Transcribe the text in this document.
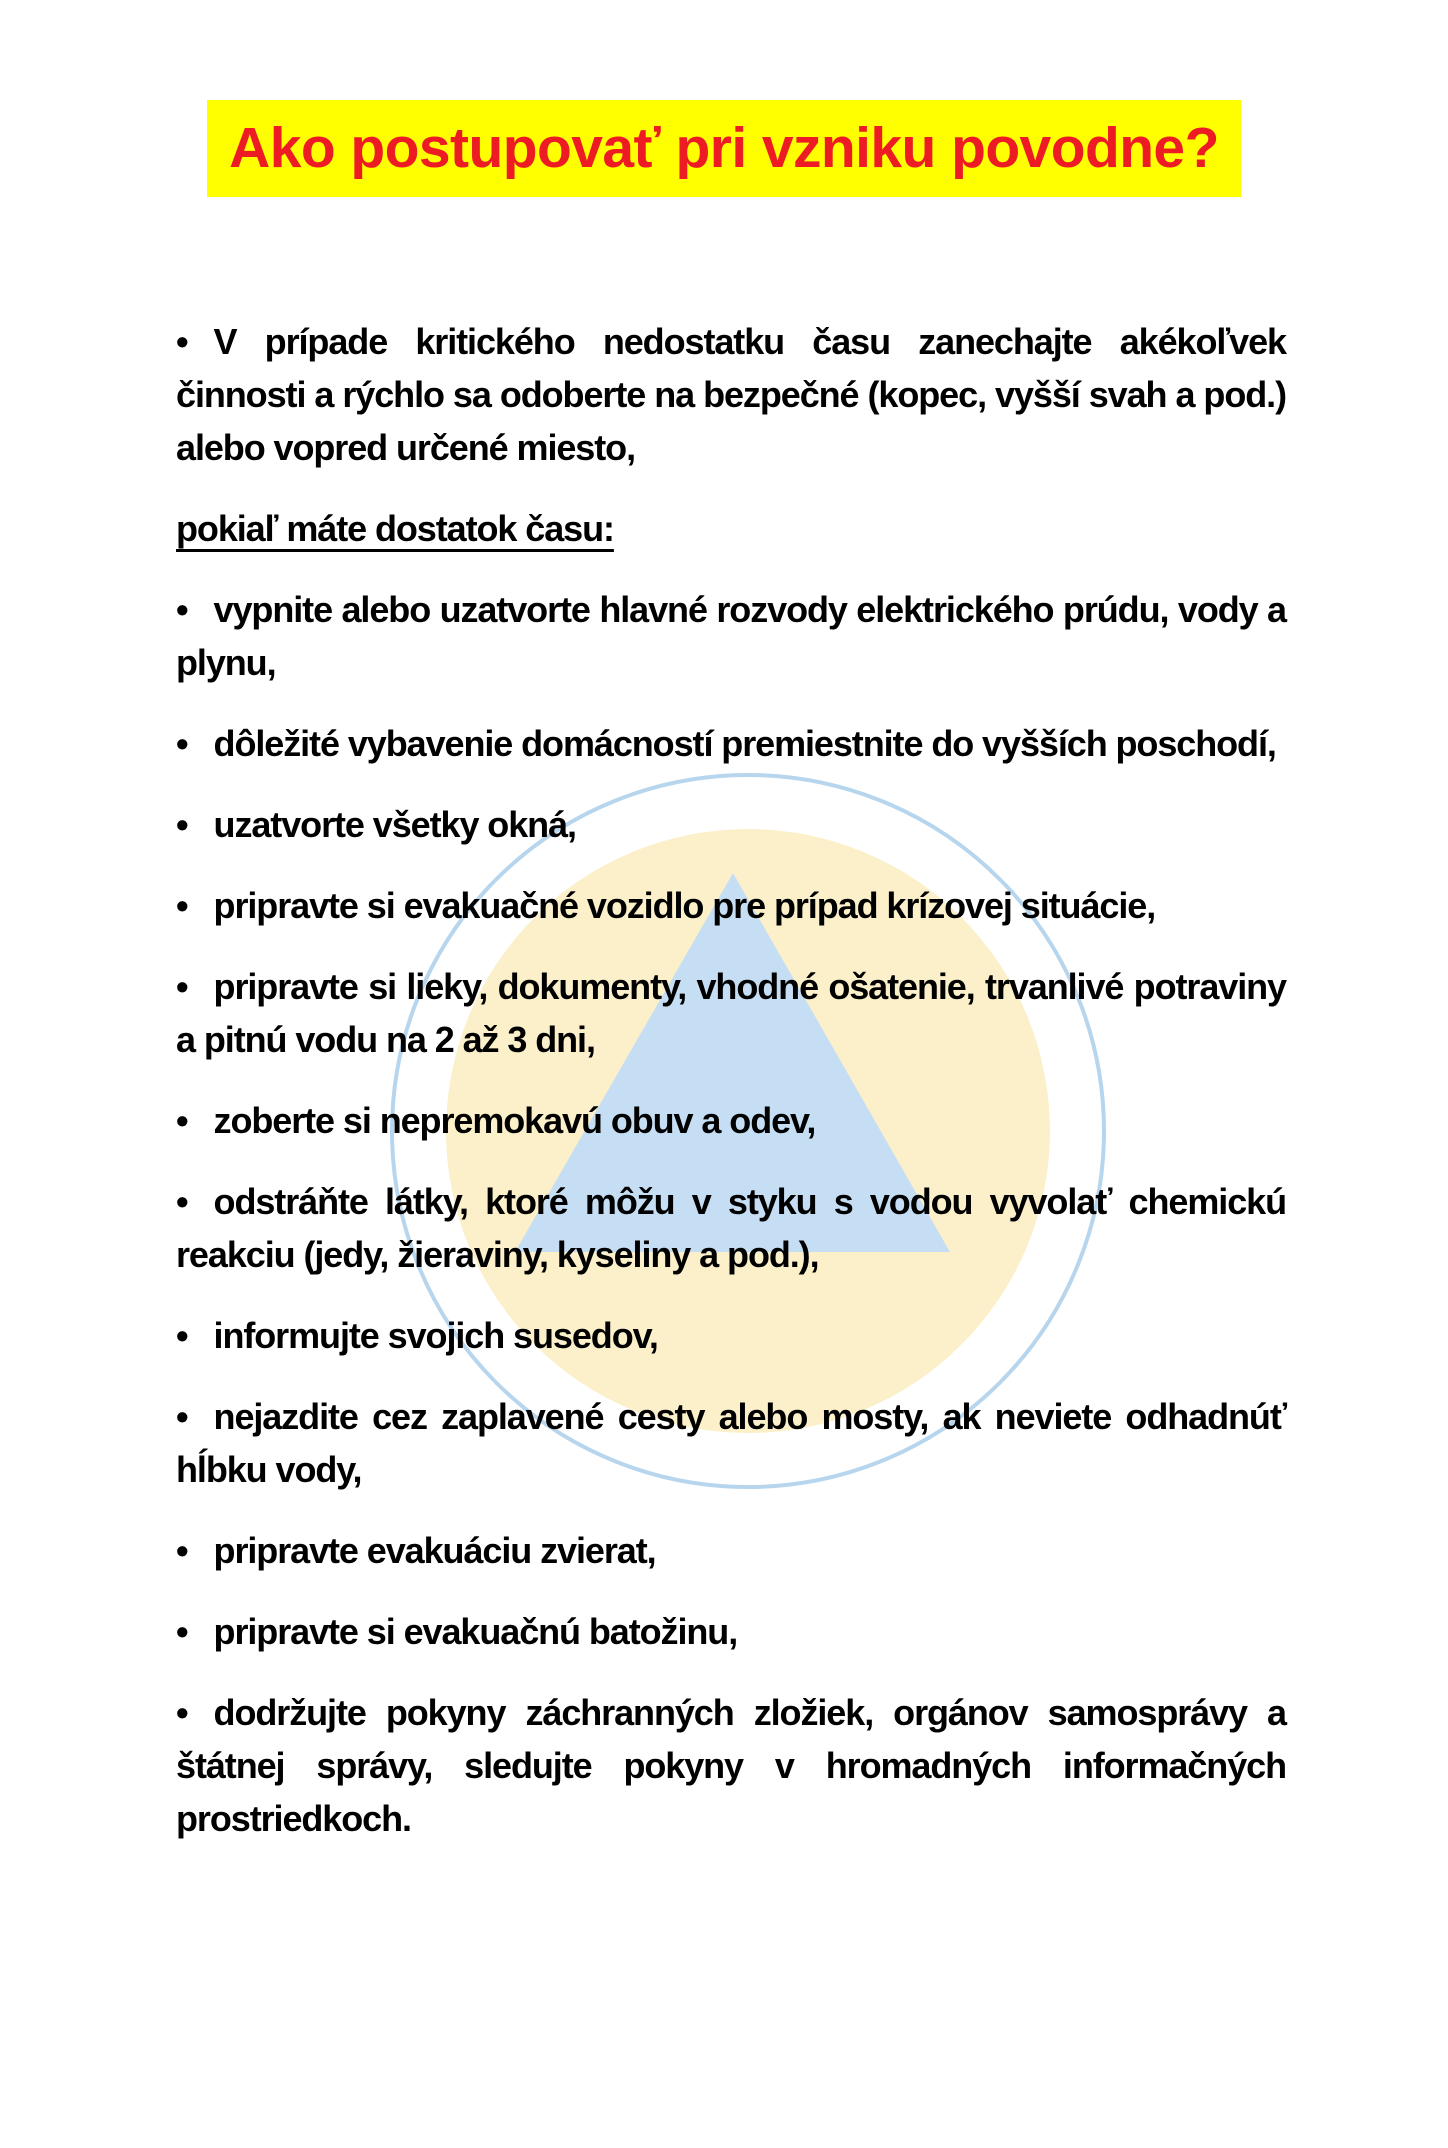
Ako postupovať pri vzniku povodne?

• V prípade kritického nedostatku času zanechajte akékoľvek činnosti a rýchlo sa odoberte na bezpečné (kopec, vyšší svah a pod.) alebo vopred určené miesto,

pokiaľ máte dostatok času:

• vypnite alebo uzatvorte hlavné rozvody elektrického prúdu, vody a plynu,

• dôležité vybavenie domácností premiestnite do vyšších poschodí,

• uzatvorte všetky okná,

• pripravte si evakuačné vozidlo pre prípad krízovej situácie,

• pripravte si lieky, dokumenty, vhodné ošatenie, trvanlivé potraviny a pitnú vodu na 2 až 3 dni,

• zoberte si nepremokavú obuv a odev,

• odstráňte látky, ktoré môžu v styku s vodou vyvolať chemickú reakciu (jedy, žieraviny, kyseliny a pod.),

• informujte svojich susedov,

• nejazdite cez zaplavené cesty alebo mosty, ak neviete odhadnúť hĺbku vody,

• pripravte evakuáciu zvierat,

• pripravte si evakuačnú batožinu,

• dodržujte pokyny záchranných zložiek, orgánov samosprávy a štátnej správy, sledujte pokyny v hromadných informačných prostriedkoch.
